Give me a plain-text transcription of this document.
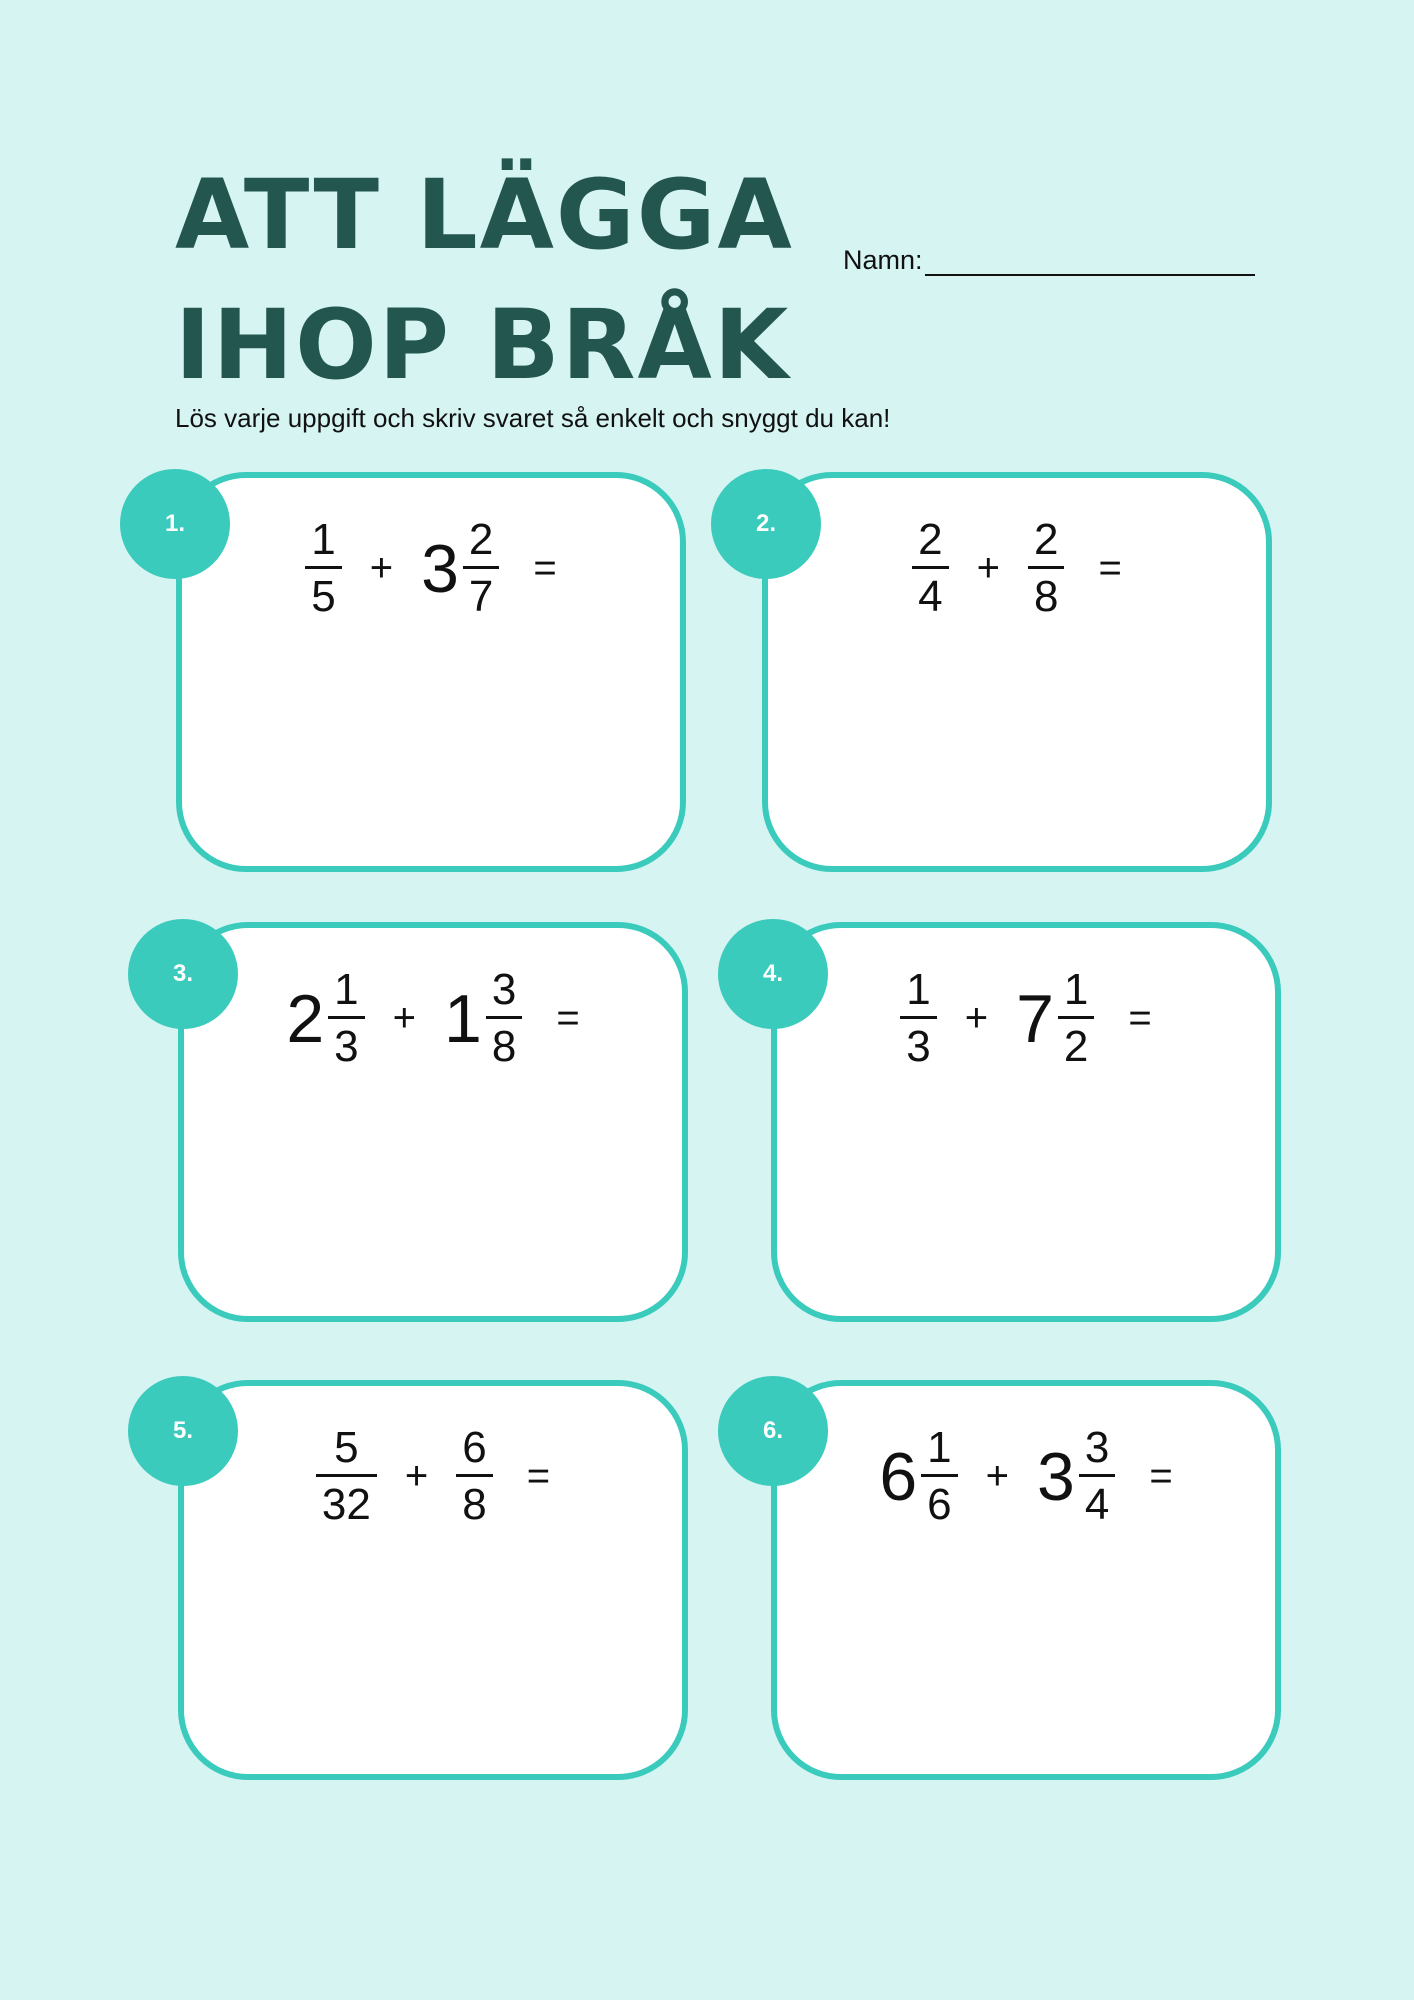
ATT LÄGGA
IHOP BRÅK
Namn:
Lös varje uppgift och skriv svaret så enkelt och snyggt du kan!
$\frac{1}{5} + 3 \frac{2}{7}$ =
1.	$\frac{2}{4} + \frac{2}{8}$ =
2.
$2 \frac{1}{3} + 1 \frac{3}{8}$ =
3.	$\frac{1}{3} + 7 \frac{1}{2}$ =
4.
$\frac{5}{32} + \frac{6}{8}$ =
5.
$6 \frac{1}{6} + 3 \frac{3}{4}$ =
6.
